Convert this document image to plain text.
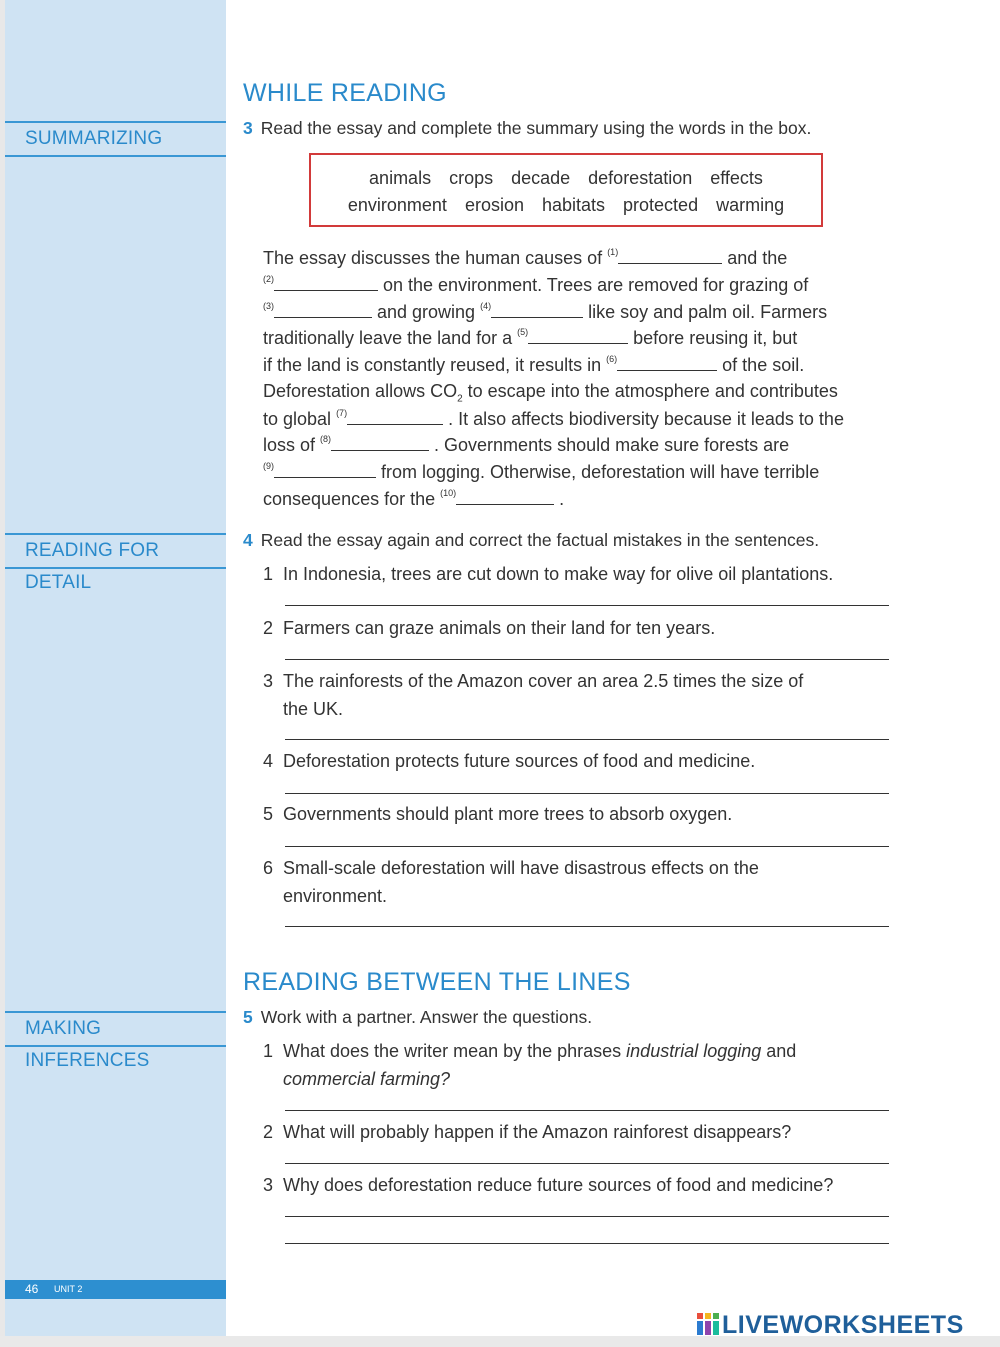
SUMMARIZING
READING FOR DETAIL
MAKING INFERENCES
46 UNIT 2
WHILE READING
3 Read the essay and complete the summary using the words in the box.
animals crops decade deforestation effects
environment erosion habitats protected warming
The essay discusses the human causes of $^{(1)}$	and the
$^{(2)}$	on the environment. Trees are removed for grazing of
$^{(3)}$	and growing $^{(4)}$	like soy and palm oil. Farmers
traditionally leave the land for a $^{(5)}$	before reusing it, but
if the land is constantly reused, it results in $^{(6)}$	of the soil.
Deforestation allows $CO_2$ to escape into the atmosphere and contributes
to global $^{(7)}$	. It also affects biodiversity because it leads to the
loss of $^{(8)}$	. Governments should make sure forests are
$^{(9)}$	from logging. Otherwise, deforestation will have terrible
consequences for the $^{(10)}$	.
4 Read the essay again and correct the factual mistakes in the sentences.
1 In Indonesia, trees are cut down to make way for olive oil plantations.
2 Farmers can graze animals on their land for ten years.
3 The rainforests of the Amazon cover an area 2.5 times the size of
the UK.
4 Deforestation protects future sources of food and medicine.
5 Governments should plant more trees to absorb oxygen.
6 Small-scale deforestation will have disastrous effects on the
environment.
READING BETWEEN THE LINES
5 Work with a partner. Answer the questions.
1 What does the writer mean by the phrases industrial logging and
commercial farming?
2 What will probably happen if the Amazon rainforest disappears?
3 Why does deforestation reduce future sources of food and medicine?
LIVEWORKSHEETS
